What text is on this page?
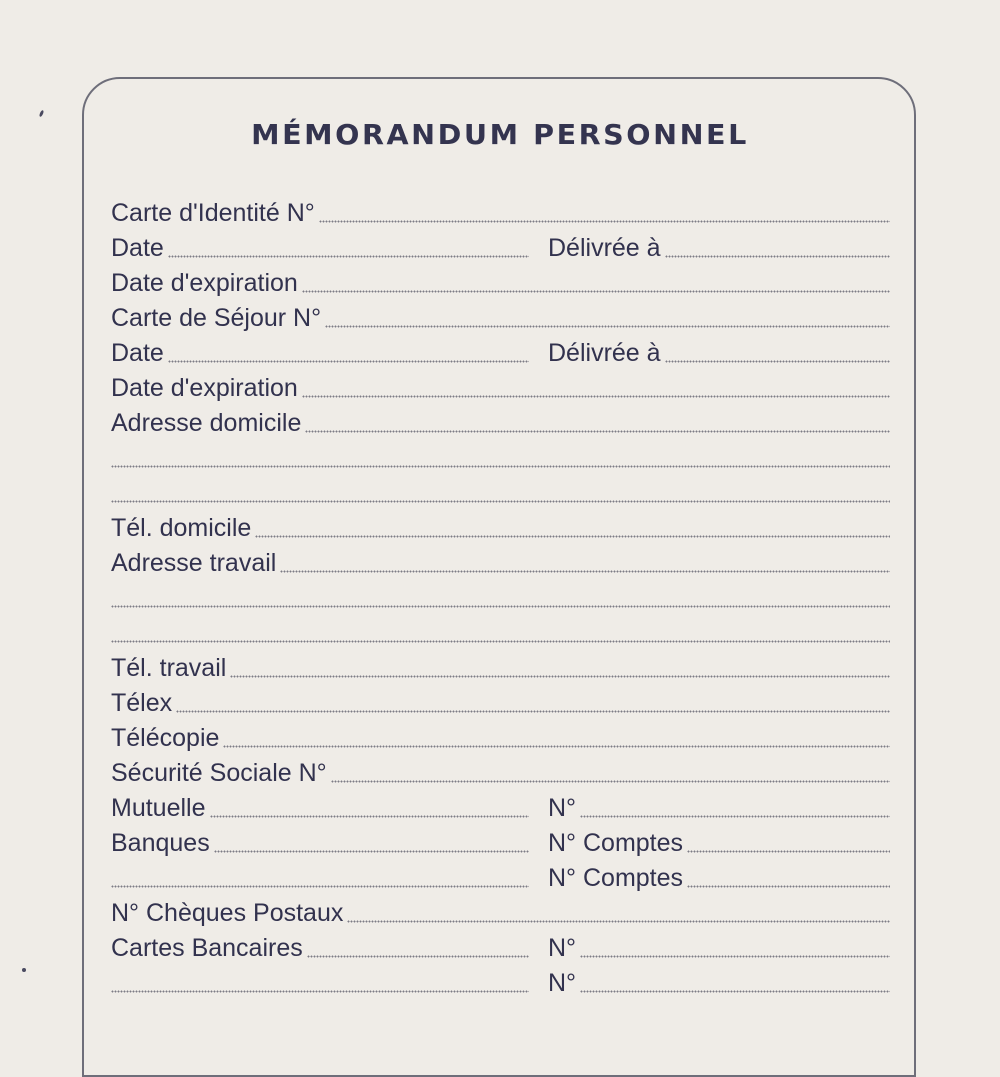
MÉMORANDUM PERSONNEL
Carte d'Identité N°
Date	Délivrée à
Date d'expiration
Carte de Séjour N°
Date	Délivrée à
Date d'expiration
Adresse domicile
Tél. domicile
Adresse travail
Tél. travail
Télex
Télécopie
Sécurité Sociale N°
Mutuelle	N°
Banques	N° Comptes
N° Comptes
N° Chèques Postaux
Cartes Bancaires	N°
N°
